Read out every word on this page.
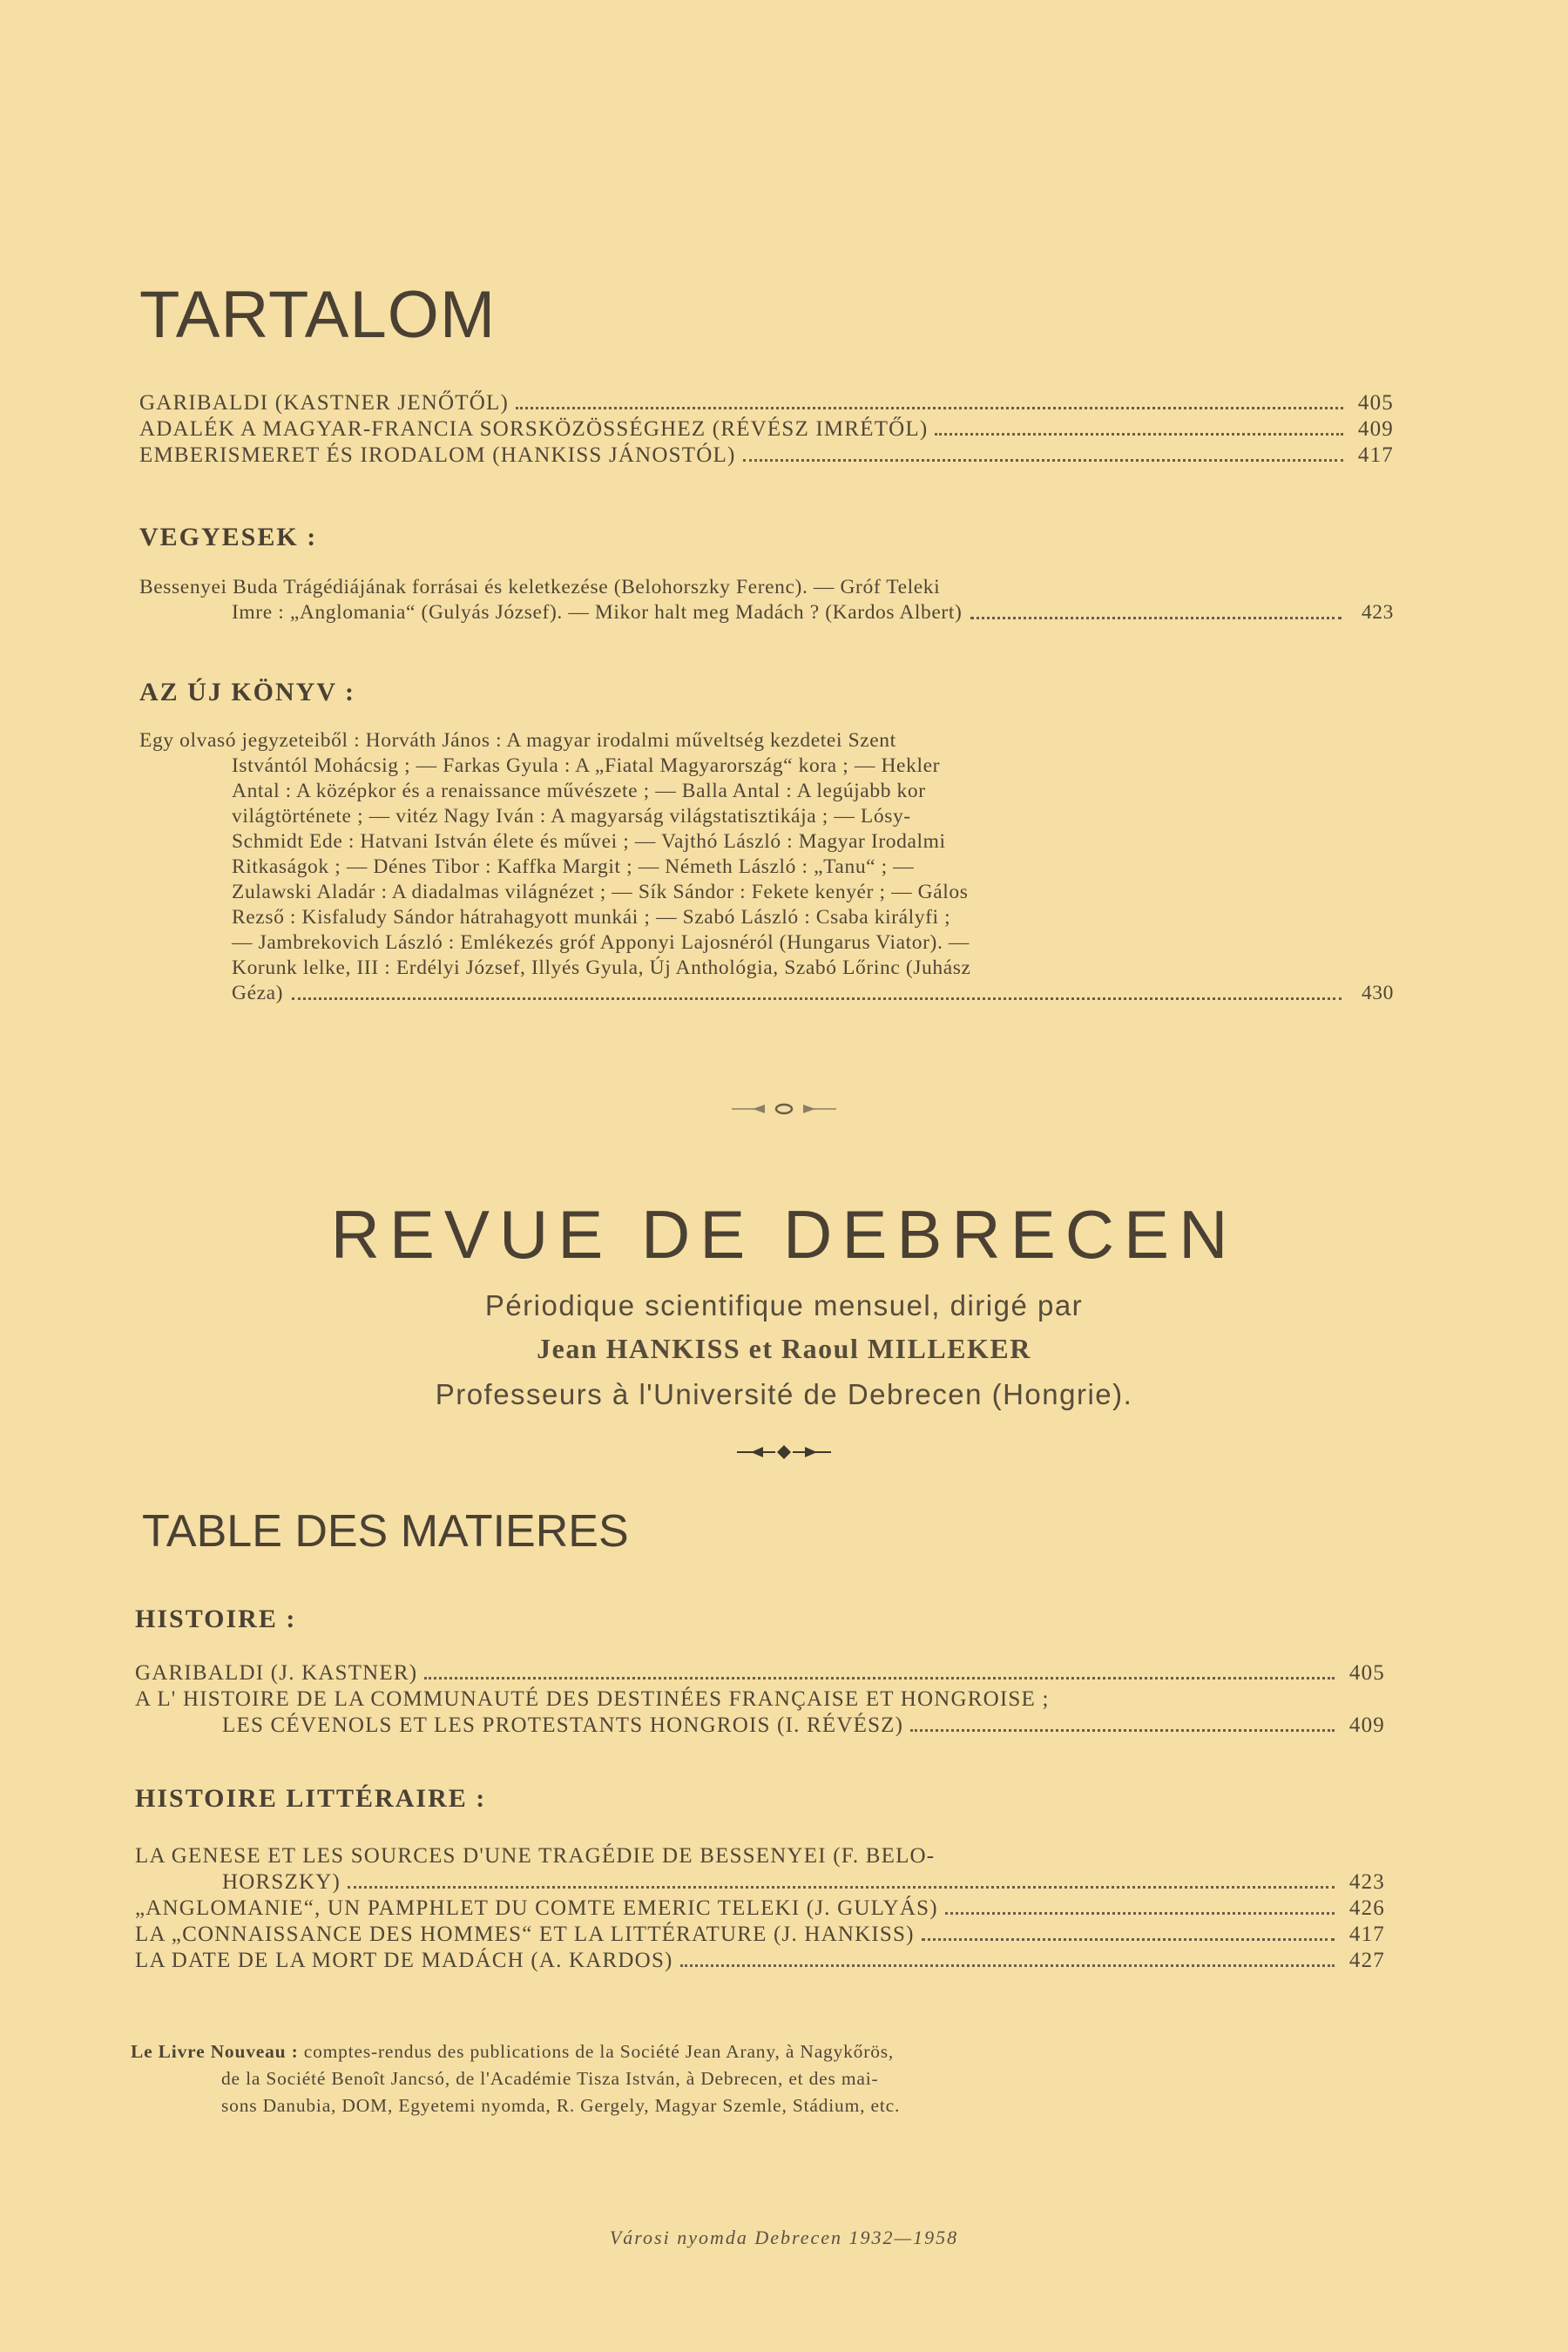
TARTALOM
GARIBALDI (KASTNER JENŐTŐL)	405
ADALÉK A MAGYAR-FRANCIA SORSKÖZÖSSÉGHEZ (RÉVÉSZ IMRÉTŐL)	409
EMBERISMERET ÉS IRODALOM (HANKISS JÁNOSTÓL)	417
VEGYESEK :
Bessenyei Buda Trágédiájának forrásai és keletkezése (Belohorszky Ferenc). — Gróf Teleki
Imre : „Anglomania“ (Gulyás József). — Mikor halt meg Madách ? (Kardos Albert)	423
AZ ÚJ KÖNYV :
Egy olvasó jegyzeteiből : Horváth János : A magyar irodalmi műveltség kezdetei Szent
Istvántól Mohácsig ; — Farkas Gyula : A „Fiatal Magyarország“ kora ; — Hekler
Antal : A középkor és a renaissance művészete ; — Balla Antal : A legújabb kor
világtörténete ; — vitéz Nagy Iván : A magyarság világstatisztikája ; — Lósy-
Schmidt Ede : Hatvani István élete és művei ; — Vajthó László : Magyar Irodalmi
Ritkaságok ; — Dénes Tibor : Kaffka Margit ; — Németh László : „Tanu“ ; —
Zulawski Aladár : A diadalmas világnézet ; — Sík Sándor : Fekete kenyér ; — Gálos
Rezső : Kisfaludy Sándor hátrahagyott munkái ; — Szabó László : Csaba királyfi ;
— Jambrekovich László : Emlékezés gróf Apponyi Lajosnéról (Hungarus Viator). —
Korunk lelke, III : Erdélyi József, Illyés Gyula, Új Anthológia, Szabó Lőrinc (Juhász
Géza)	430
REVUE DE DEBRECEN
Périodique scientifique mensuel, dirigé par
Jean HANKISS et Raoul MILLEKER
Professeurs à l'Université de Debrecen (Hongrie).
TABLE DES MATIERES
HISTOIRE :
GARIBALDI (J. KASTNER)	405
A L' HISTOIRE DE LA COMMUNAUTÉ DES DESTINÉES FRANÇAISE ET HONGROISE ;
LES CÉVENOLS ET LES PROTESTANTS HONGROIS (I. RÉVÉSZ)	409
HISTOIRE LITTÉRAIRE :
LA GENESE ET LES SOURCES D'UNE TRAGÉDIE DE BESSENYEI (F. BELO-
HORSZKY)	423
„ANGLOMANIE“, UN PAMPHLET DU COMTE EMERIC TELEKI (J. GULYÁS)	426
LA „CONNAISSANCE DES HOMMES“ ET LA LITTÉRATURE (J. HANKISS)	417
LA DATE DE LA MORT DE MADÁCH (A. KARDOS)	427
Le Livre Nouveau : comptes-rendus des publications de la Société Jean Arany, à Nagykőrös,
de la Société Benoît Jancsó, de l'Académie Tisza István, à Debrecen, et des mai-
sons Danubia, DOM, Egyetemi nyomda, R. Gergely, Magyar Szemle, Stádium, etc.
Városi nyomda Debrecen 1932—1958
